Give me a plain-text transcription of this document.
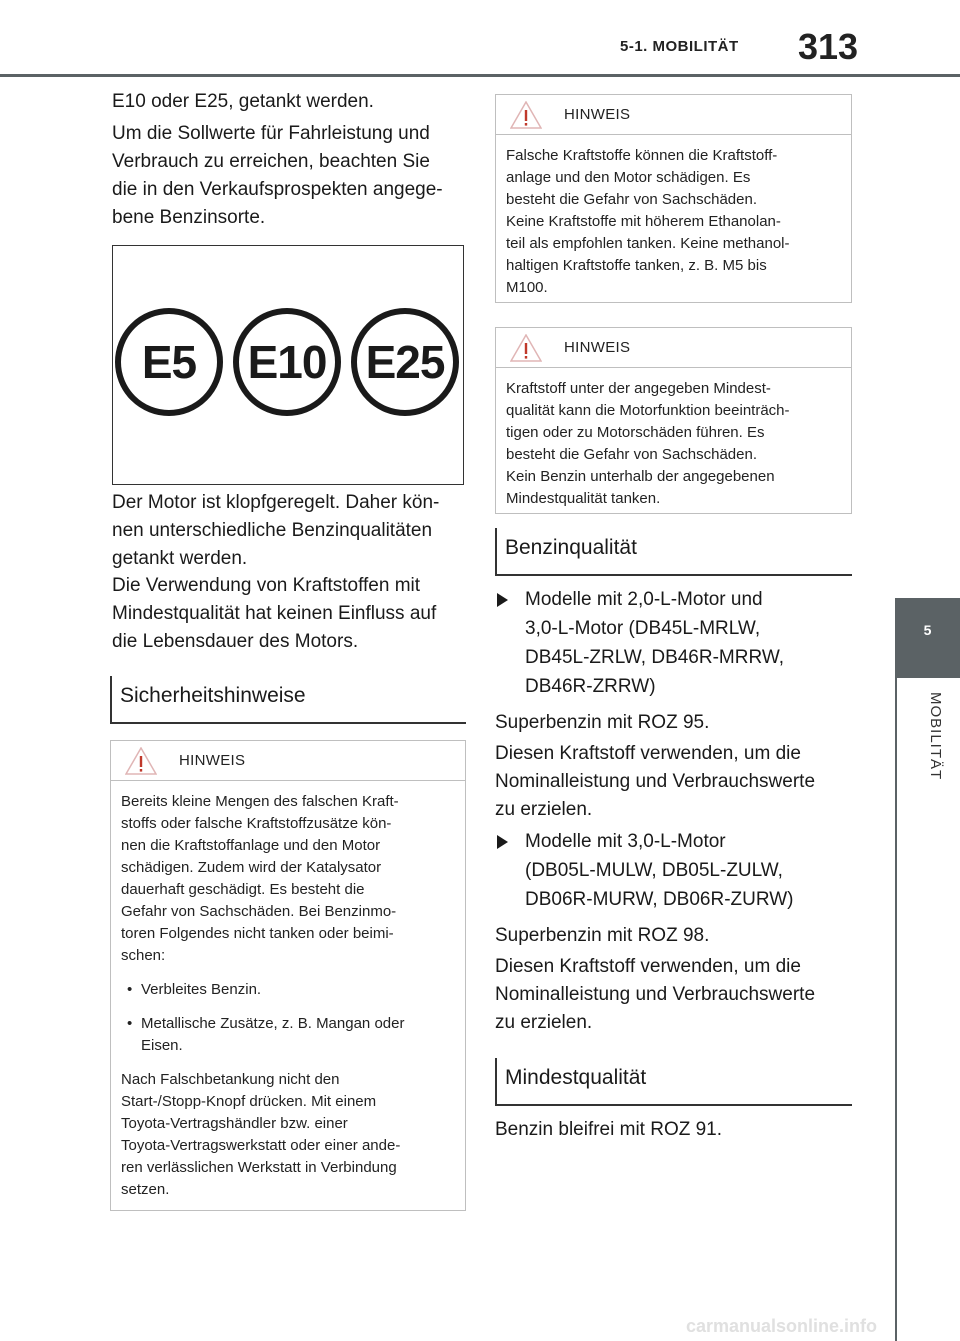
5-1. MOBILITÄT 313
5
MOBILITÄT
E10 oder E25, getankt werden.
Um die Sollwerte für Fahrleistung und
Verbrauch zu erreichen, beachten Sie
die in den Verkaufsprospekten angege-
bene Benzinsorte.
E5	E10 E25
Der Motor ist klopfgeregelt. Daher kön-
nen unterschiedliche Benzinqualitäten
getankt werden.
Die Verwendung von Kraftstoffen mit
Mindestqualität hat keinen Einfluss auf
die Lebensdauer des Motors.
Sicherheitshinweise
HINWEIS

Bereits kleine Mengen des falschen Kraft-
stoffs oder falsche Kraftstoffzusätze kön-
nen die Kraftstoffanlage und den Motor
schädigen. Zudem wird der Katalysator
dauerhaft geschädigt. Es besteht die
Gefahr von Sachschäden. Bei Benzinmo-
toren Folgendes nicht tanken oder beimi-
schen:

• Verbleites Benzin.
• Metallische Zusätze, z. B. Mangan oder
Eisen.

Nach Falschbetankung nicht den
Start-/Stopp-Knopf drücken. Mit einem
Toyota-Vertragshändler bzw. einer
Toyota-Vertragswerkstatt oder einer ande-
ren verlässlichen Werkstatt in Verbindung
setzen.

HINWEIS
Falsche Kraftstoffe können die Kraftstoff-
anlage und den Motor schädigen. Es
besteht die Gefahr von Sachschäden.
Keine Kraftstoffe mit höherem Ethanolan-
teil als empfohlen tanken. Keine methanol-
haltigen Kraftstoffe tanken, z. B. M5 bis
M100.
HINWEIS
Kraftstoff unter der angegeben Mindest-
qualität kann die Motorfunktion beeinträch-
tigen oder zu Motorschäden führen. Es
besteht die Gefahr von Sachschäden.
Kein Benzin unterhalb der angegebenen
Mindestqualität tanken.
Benzinqualität
Modelle mit 2,0-L-Motor und
3,0-L-Motor (DB45L-MRLW,
DB45L-ZRLW, DB46R-MRRW,
DB46R-ZRRW)
Superbenzin mit ROZ 95.
Diesen Kraftstoff verwenden, um die
Nominalleistung und Verbrauchswerte
zu erzielen.
Modelle mit 3,0-L-Motor
(DB05L-MULW, DB05L-ZULW,
DB06R-MURW, DB06R-ZURW)
Superbenzin mit ROZ 98.
Diesen Kraftstoff verwenden, um die
Nominalleistung und Verbrauchswerte
zu erzielen.
Mindestqualität
Benzin bleifrei mit ROZ 91.
carmanualsonline.info
